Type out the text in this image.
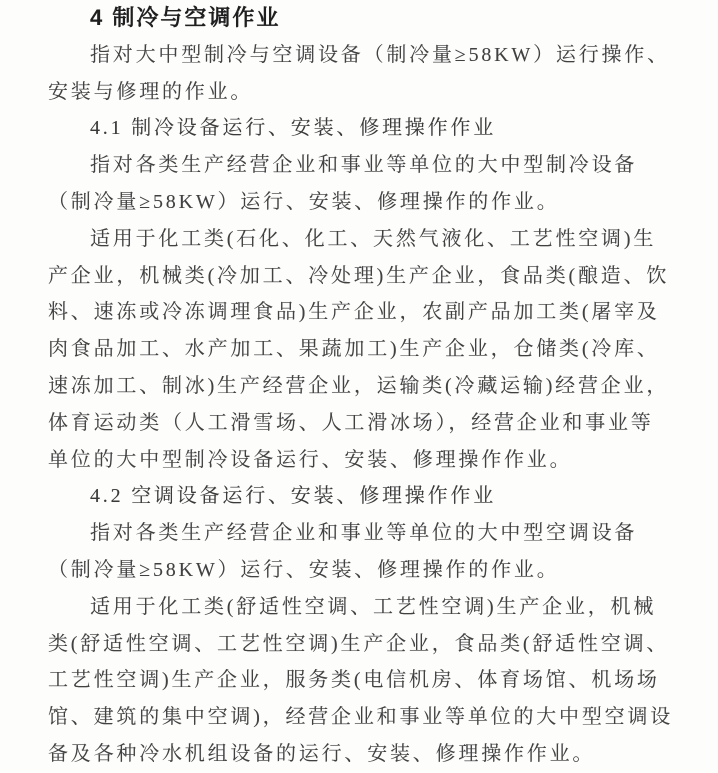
4 制冷与空调作业
指对大中型制冷与空调设备（制冷量≥58KW）运行操作、
安装与修理的作业。
4.1 制冷设备运行、安装、修理操作作业
指对各类生产经营企业和事业等单位的大中型制冷设备
（制冷量≥58KW）运行、安装、修理操作的作业。
适用于化工类(石化、化工、天然气液化、工艺性空调)生
产企业，机械类(冷加工、冷处理)生产企业，食品类(酿造、饮
料、速冻或冷冻调理食品)生产企业，农副产品加工类(屠宰及
肉食品加工、水产加工、果蔬加工)生产企业，仓储类(冷库、
速冻加工、制冰)生产经营企业，运输类(冷藏运输)经营企业，
体育运动类（人工滑雪场、人工滑冰场），经营企业和事业等
单位的大中型制冷设备运行、安装、修理操作作业。
4.2 空调设备运行、安装、修理操作作业
指对各类生产经营企业和事业等单位的大中型空调设备
（制冷量≥58KW）运行、安装、修理操作的作业。
适用于化工类(舒适性空调、工艺性空调)生产企业，机械
类(舒适性空调、工艺性空调)生产企业，食品类(舒适性空调、
工艺性空调)生产企业，服务类(电信机房、体育场馆、机场场
馆、建筑的集中空调)，经营企业和事业等单位的大中型空调设
备及各种冷水机组设备的运行、安装、修理操作作业。
